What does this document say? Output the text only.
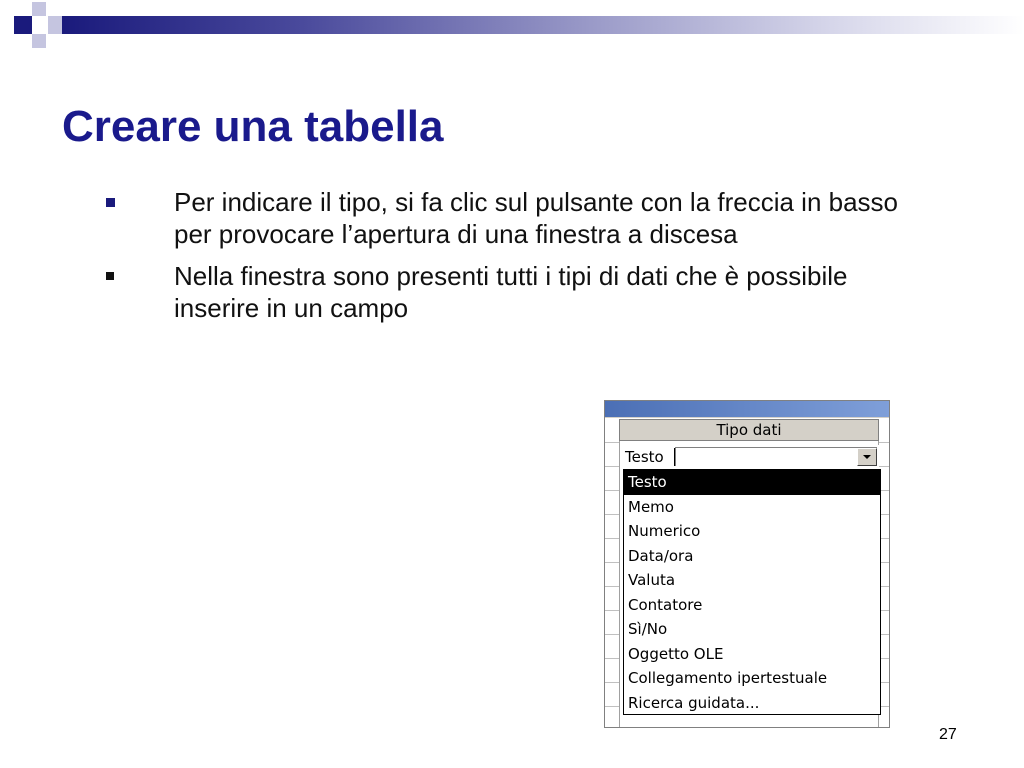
Creare una tabella
Per indicare il tipo, si fa clic sul pulsante con la freccia in basso per provocare l’apertura di una finestra a discesa
Nella finestra sono presenti tutti i tipi di dati che è possibile inserire in un campo
Tipo dati
Testo
Testo
Memo
Numerico
Data/ora
Valuta
Contatore
Sì/No
Oggetto OLE
Collegamento ipertestuale
Ricerca guidata...
27
